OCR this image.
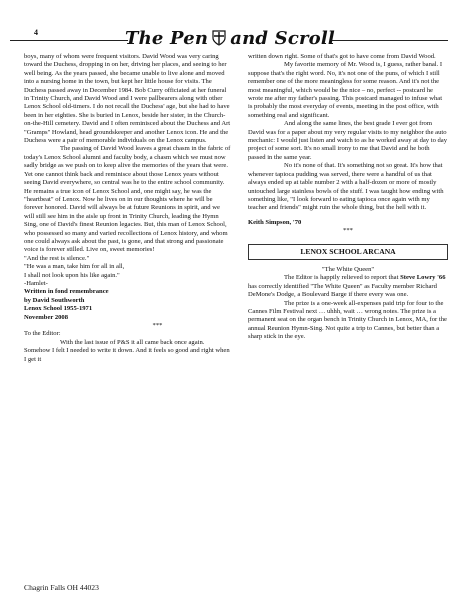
4	The Pen and Scroll

boys, many of whom were frequent visitors. David Wood was very caring toward the Duchess, dropping in on her, driving her places, and seeing to her well being. As the years passed, she became unable to live alone and moved into a nursing home in the town, but kept her little house for visits. The Duchess passed away in December 1984. Bob Curry officiated at her funeral in Trinity Church, and David Wood and I were pallbearers along with other Lenox School old-timers. I do not recall the Duchess' age, but she had to have been in her eighties. She is buried in Lenox, beside her sister, in the Church-on-the-Hill cemetery. David and I often reminisced about the Duchess and Art "Gramps" Howland, head groundskeeper and another Lenox icon. He and the Duchess were a pair of memorable individuals on the Lenox campus.

The passing of David Wood leaves a great chasm in the fabric of today's Lenox School alumni and faculty body, a chasm which we must now sadly bridge as we push on to keep alive the memories of the years that were. Yet one cannot think back and reminisce about those Lenox years without seeing David everywhere, so central was he to the entire school community. He remains a true icon of Lenox School and, one might say, he was the "heartbeat" of Lenox. Now he lives on in our thoughts where he will be forever honored. David will always be at future Reunions in spirit, and we will still see him in the aisle up front in Trinity Church, leading the Hymn Sing, one of David's finest Reunion legacies. But, this man of Lenox School, who possessed so many and varied recollections of Lenox history, and whom one could always ask about the past, is gone, and that strong and passionate voice is forever stilled. Live on, sweet memories!

"And the rest is silence."

"He was a man, take him for all in all,

I shall not look upon his like again."

-Hamlet-

Written in fond remembrance

by David Southworth

Lenox School 1955-1971

November 2008

***

To the Editor:

With the last issue of P&S it all came back once again. Somehow I felt I needed to write it down. And it feels so good and right when I get it

written down right. Some of that's got to have come from David Wood.

My favorite memory of Mr. Wood is, I guess, rather banal. I suppose that's the right word. No, it's not one of the puns, of which I still remember one of the more meaningless for some reason. And it's not the most meaningful, which would be the nice – no, perfect -- postcard he wrote me after my father's passing. This postcard managed to infuse what is probably the most everyday of events, meeting in the post office, with something real and significant.

And along the same lines, the best grade I ever got from David was for a paper about my very regular visits to my neighbor the auto mechanic: I would just listen and watch to as he worked away at day to day project of some sort. It's no small irony to me that David and he both passed in the same year.

No it's none of that. It's something not so great. It's how that whenever tapioca pudding was served, there were a handful of us that always ended up at table number 2 with a half-dozen or more of mostly untouched large stainless bowls of the stuff. I was taught how ending with something like, "I look forward to eating tapioca once again with my teacher and friends" might ruin the whole thing, but the hell with it.

Keith Simpson, '70

***

LENOX SCHOOL ARCANA

"The White Queen"

The Editor is happily relieved to report that Steve Lowry '66 has correctly identified "The White Queen" as Faculty member Richard DeMone's Dodge, a Boulevard Barge if there every was one.

The prize is a one-week all-expenses paid trip for four to the Cannes Film Festival next … uhhh, wait … wrong notes. The prize is a permanent seat on the organ bench in Trinity Church in Lenox, MA, for the annual Reunion Hymn-Sing. Not quite a trip to Cannes, but better than a sharp stick in the eye.

Chagrin Falls OH 44023
